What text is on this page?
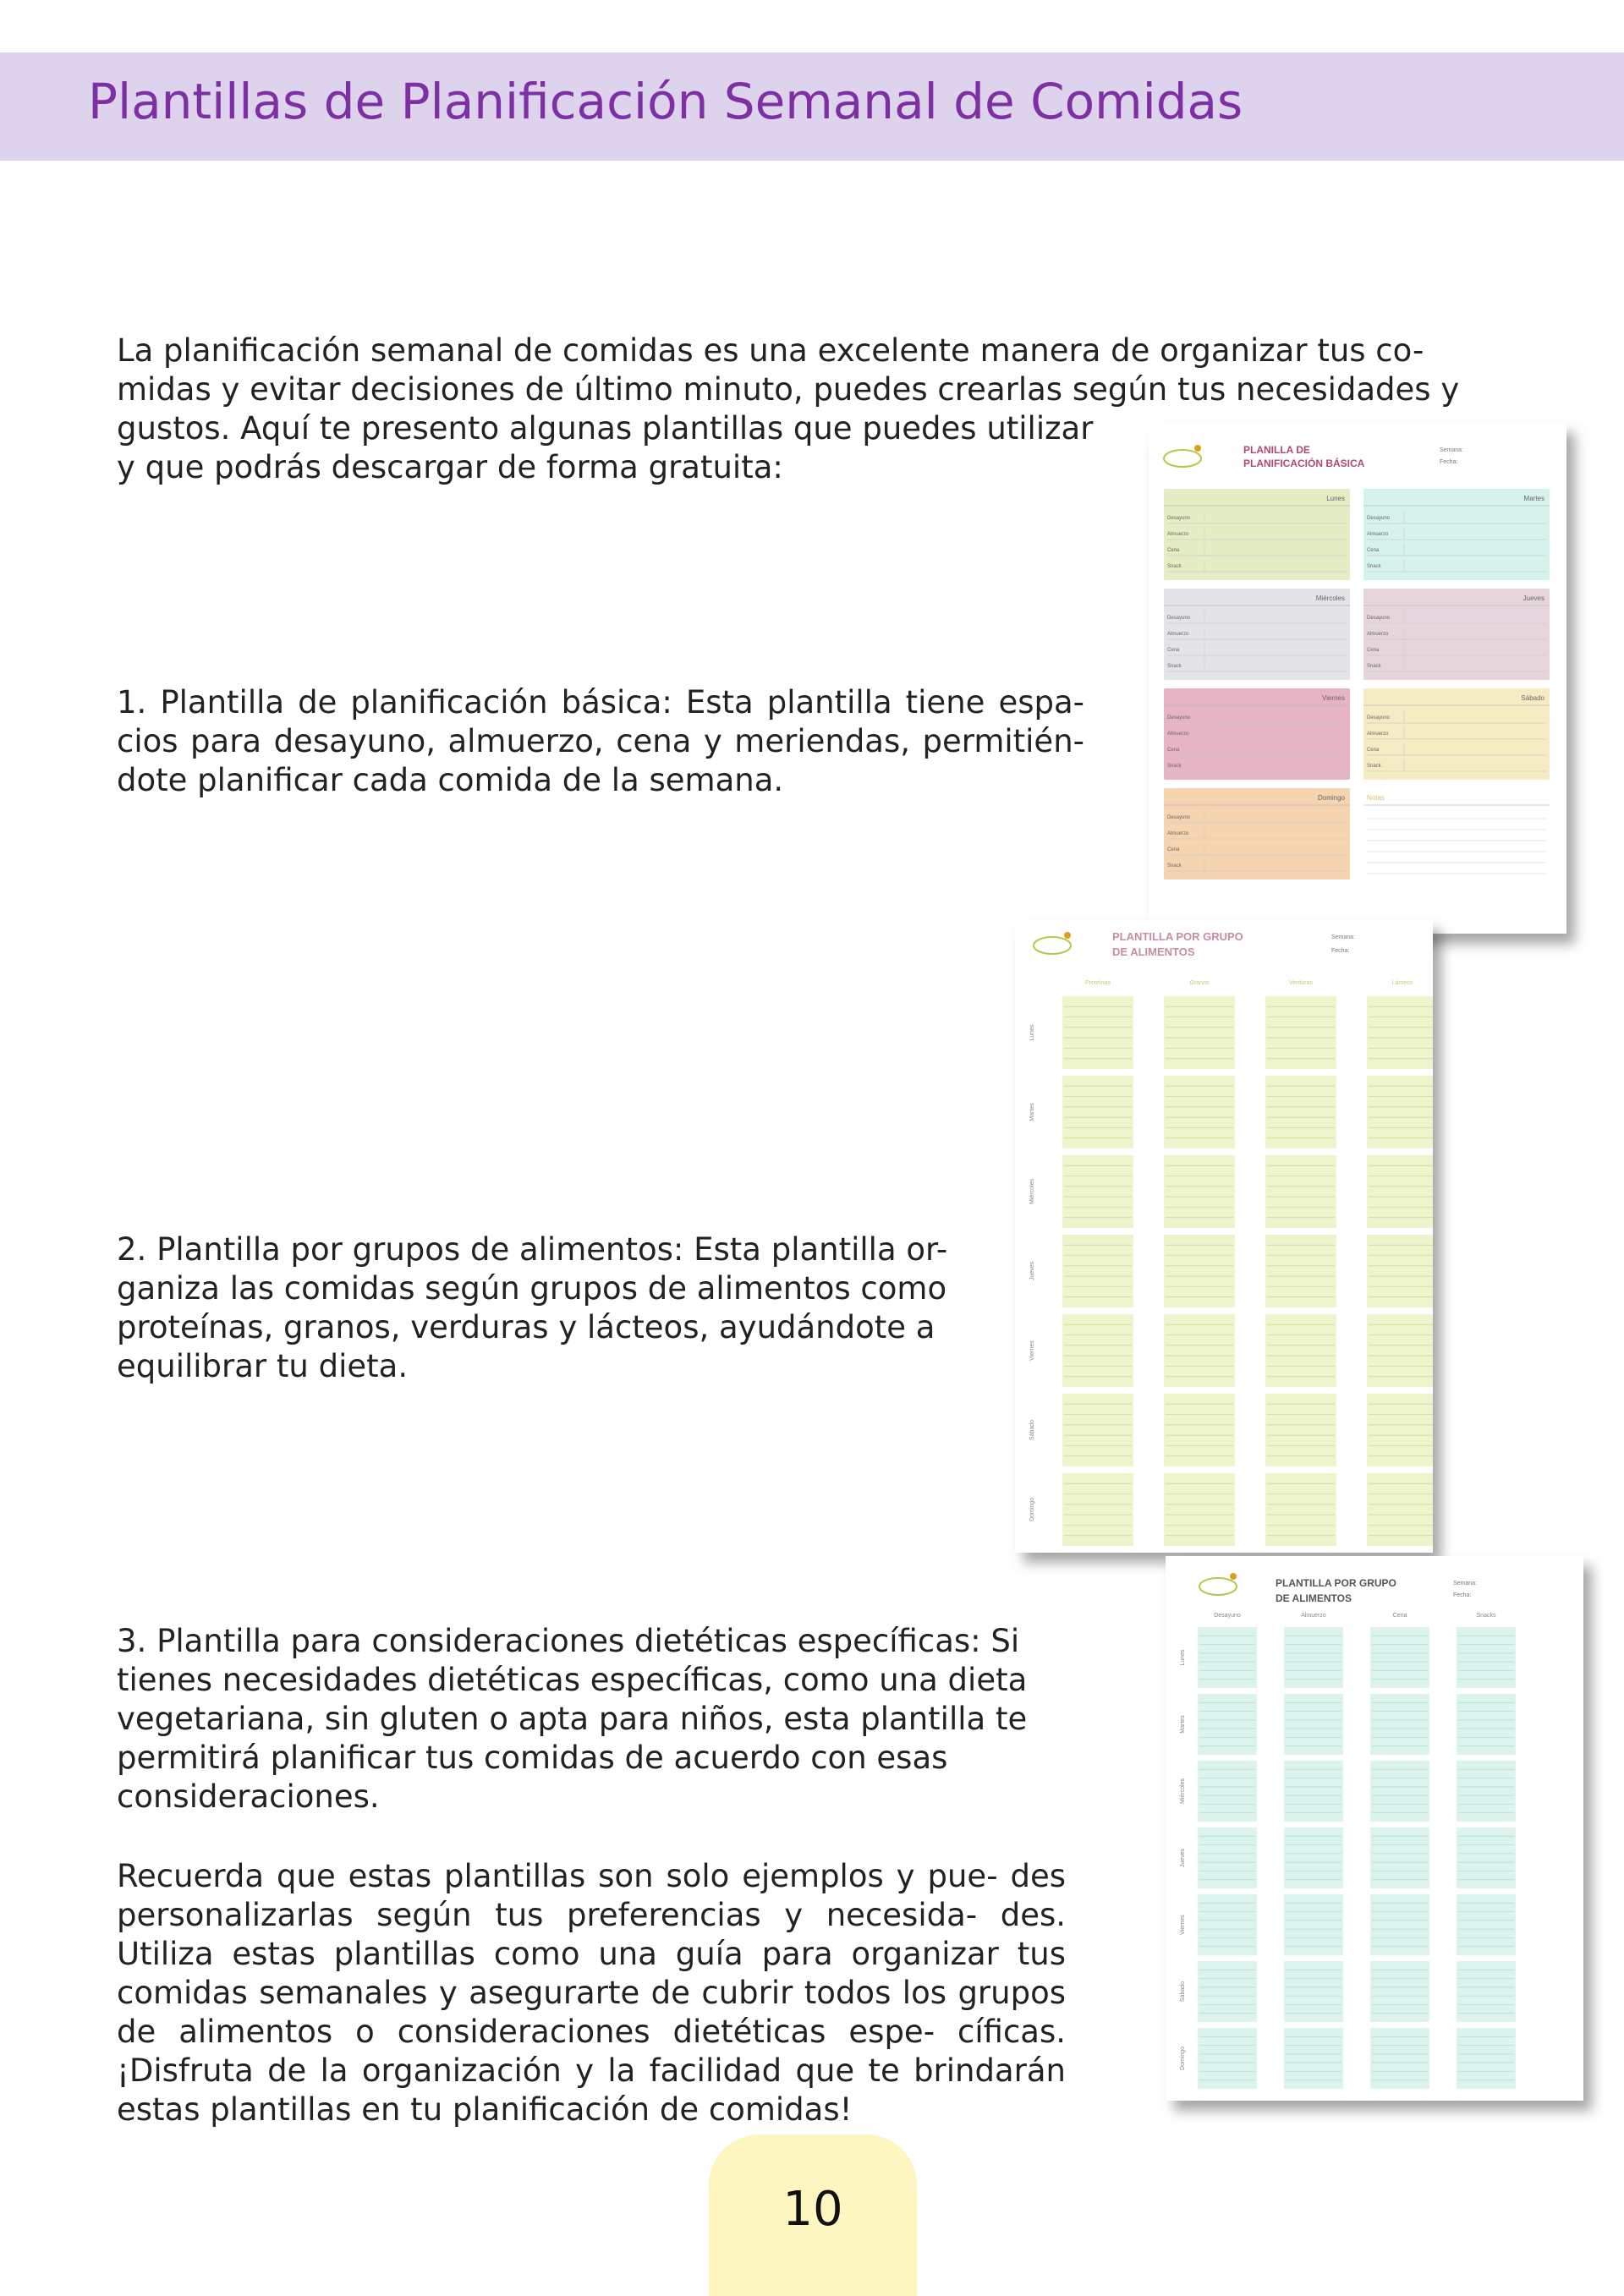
Plantillas de Planificación Semanal de Comidas

La planificación semanal de comidas es una excelente manera de organizar tus co-

midas y evitar decisiones de último minuto, puedes crearlas según tus necesidades y

gustos. Aquí te presento algunas plantillas que puedes utilizar

y que podrás descargar de forma gratuita:

1. Plantilla de planificación básica: Esta plantilla tiene espa- cios para desayuno, almuerzo, cena y meriendas, permitién- dote planificar cada comida de la semana.
2. Plantilla por grupos de alimentos: Esta plantilla or- ganiza las comidas según grupos de alimentos como proteínas, granos, verduras y lácteos, ayudándote a equilibrar tu dieta.
3. Plantilla para consideraciones dietéticas específicas: Si tienes necesidades dietéticas específicas, como una dieta vegetariana, sin gluten o apta para niños, esta plantilla te permitirá planificar tus comidas de acuerdo con esas consideraciones.
Recuerda que estas plantillas son solo ejemplos y pue- des personalizarlas según tus preferencias y necesida- des. Utiliza estas plantillas como una guía para organizar tus comidas semanales y asegurarte de cubrir todos los grupos de alimentos o consideraciones dietéticas espe- cíficas. ¡Disfruta de la organización y la facilidad que te brindarán estas plantillas en tu planificación de comidas!
PLANILLA DE
PLANIFICACIÓN BÁSICA
Semana:
Fecha:
Lunes
Desayuno
Almuerzo
Cena
Snack
Martes
Desayuno
Almuerzo
Cena
Snack
Miércoles
Desayuno
Almuerzo
Cena
Snack
Jueves
Desayuno
Almuerzo
Cena
Snack
Viernes
Desayuno
Almuerzo
Cena
Snack
Sábado
Desayuno
Almuerzo
Cena
Snack
Domingo
Desayuno
Almuerzo
Cena
Snack
Notas
PLANTILLA POR GRUPO
DE ALIMENTOS
Semana:
Fecha:
Proteínas	Granos	Verduras	Lácteos
Lunes
Martes
Miércoles
Jueves
Viernes
Sábado
Domingo
PLANTILLA POR GRUPO
DE ALIMENTOS
Semana:
Fecha:
Desayuno	Almuerzo	Cena	Snacks
Lunes
Martes
Miércoles
Jueves
Viernes
Sábado
Domingo
10
